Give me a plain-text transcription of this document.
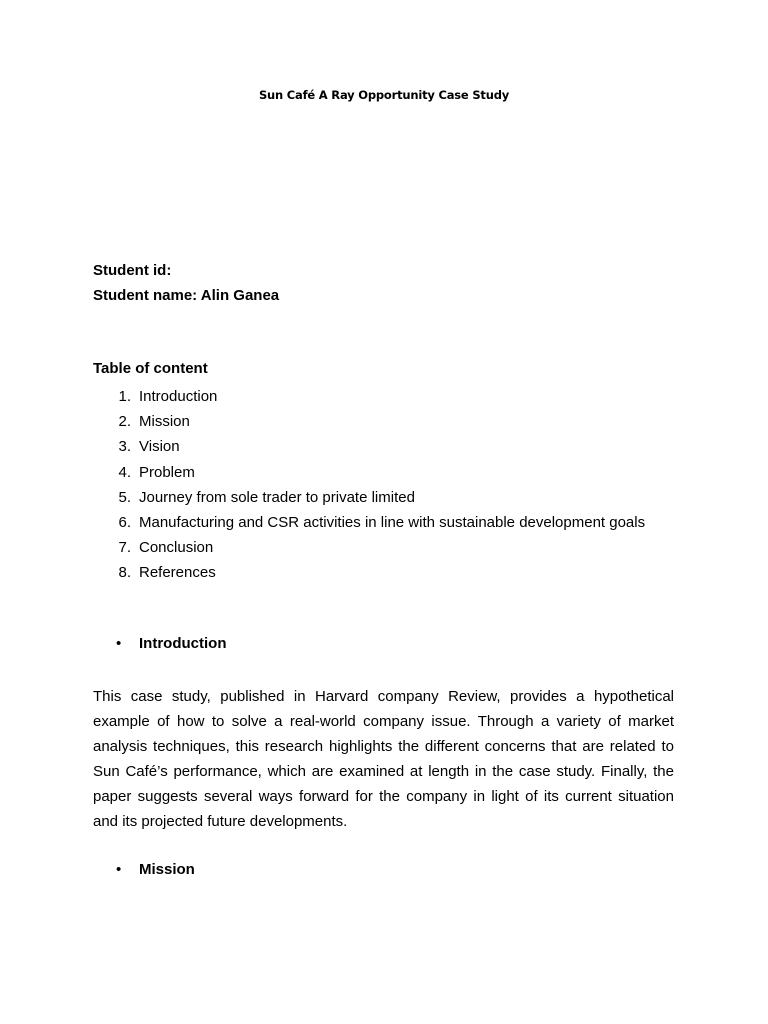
Sun Café A Ray Opportunity Case Study
Student id:
Student name: Alin Ganea
Table of content
1 . Introduction
2 . Mission
3 . Vision
4 . Problem
5 . Journey from sole trader to private limited
6 . Manufacturing and CSR activities in line with sustainable development goals
7 . Conclusion
8 . References
• Introduction

This case study, published in Harvard company Review, provides a hypothetical example of how to solve a real-world company issue. Through a variety of market analysis techniques, this research highlights the different concerns that are related to Sun Café’s performance, which are examined at length in the case study. Finally, the paper suggests several ways forward for the company in light of its current situation and its projected future developments.

• Mission
